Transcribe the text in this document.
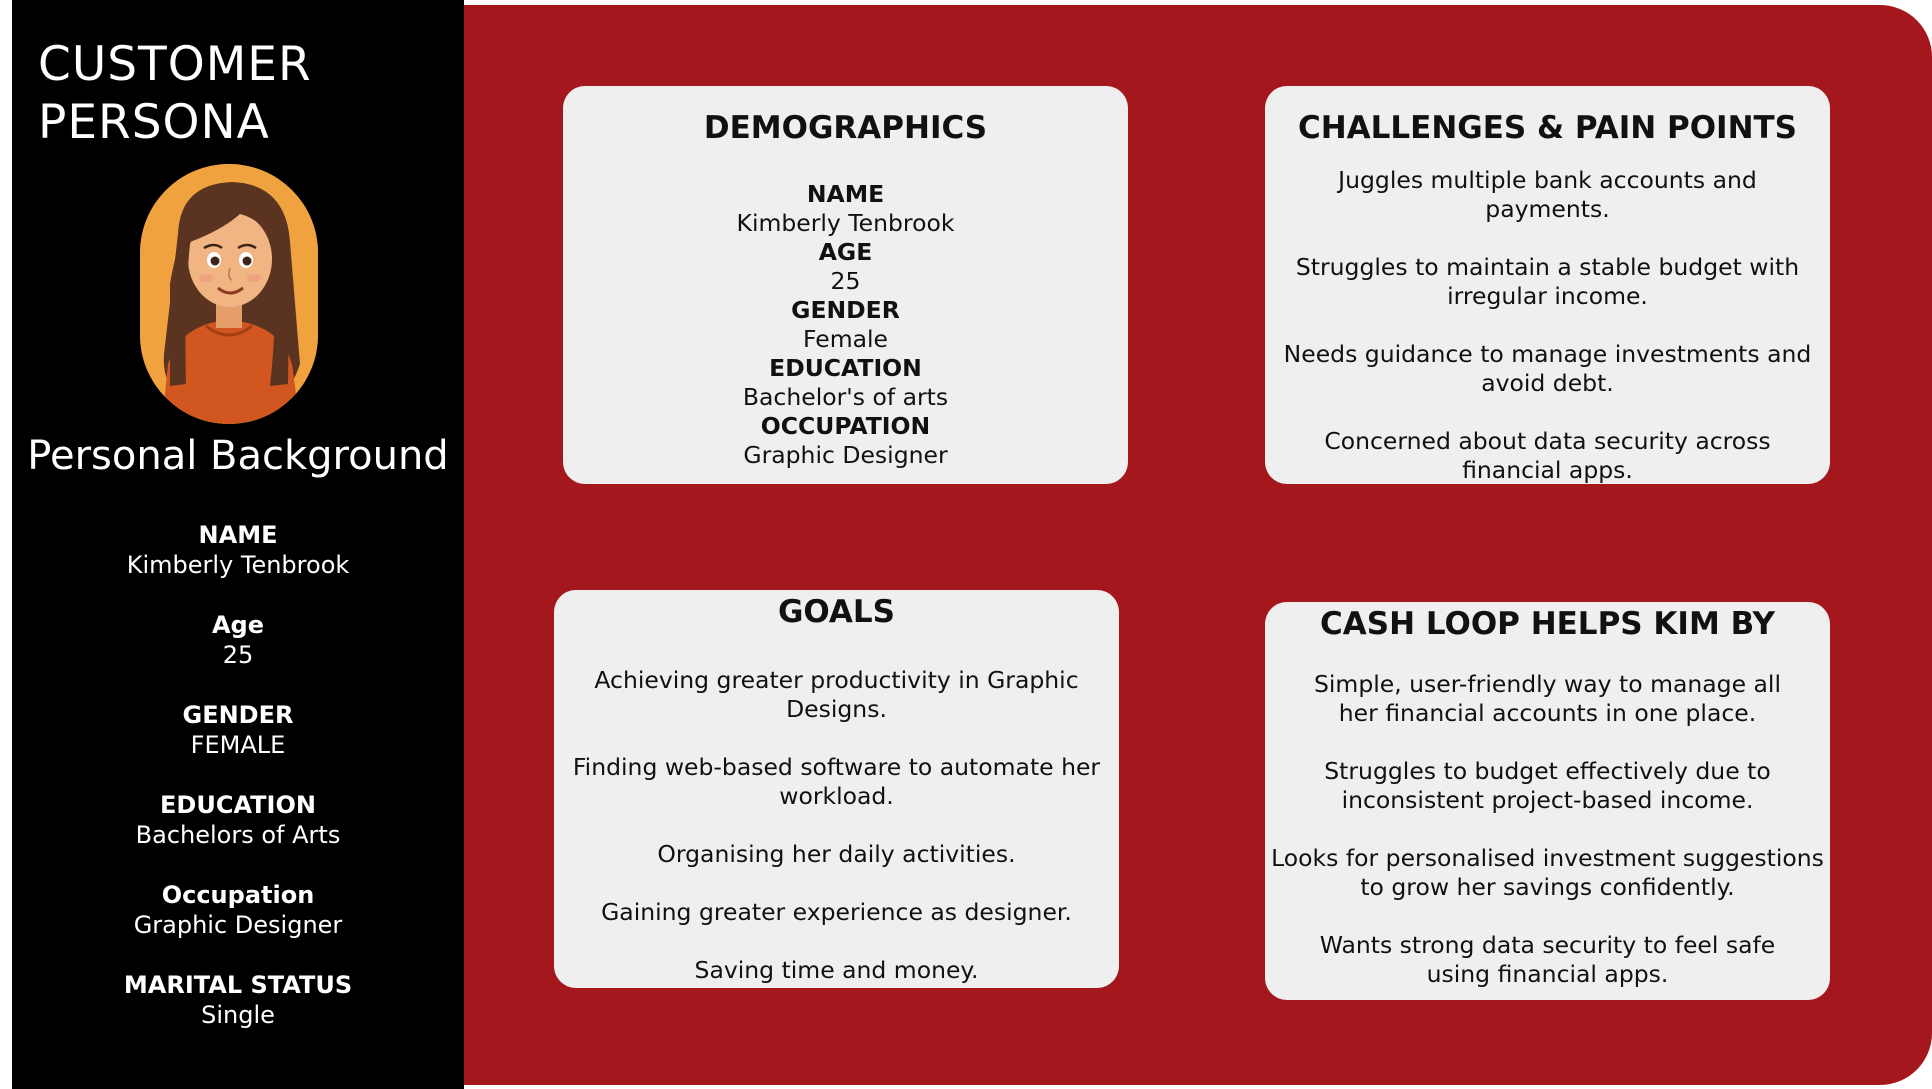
CUSTOMER
PERSONA
Personal Background
NAME
Kimberly Tenbrook
Age
25
GENDER
FEMALE
EDUCATION
Bachelors of Arts
Occupation
Graphic Designer
MARITAL STATUS
Single
DEMOGRAPHICS
NAME
Kimberly Tenbrook
AGE
25
GENDER
Female
EDUCATION
Bachelor's of arts
OCCUPATION
Graphic Designer
CHALLENGES & PAIN POINTS

Juggles multiple bank accounts and payments.

Struggles to maintain a stable budget with irregular income.

Needs guidance to manage investments and avoid debt.

Concerned about data security across financial apps.

GOALS

Achieving greater productivity in Graphic Designs.

Finding web-based software to automate her workload.

Organising her daily activities.

Gaining greater experience as designer.

Saving time and money.

CASH LOOP HELPS KIM BY

Simple, user-friendly way to manage all her financial accounts in one place.

Struggles to budget effectively due to inconsistent project-based income.

Looks for personalised investment suggestions to grow her savings confidently.

Wants strong data security to feel safe using financial apps.
